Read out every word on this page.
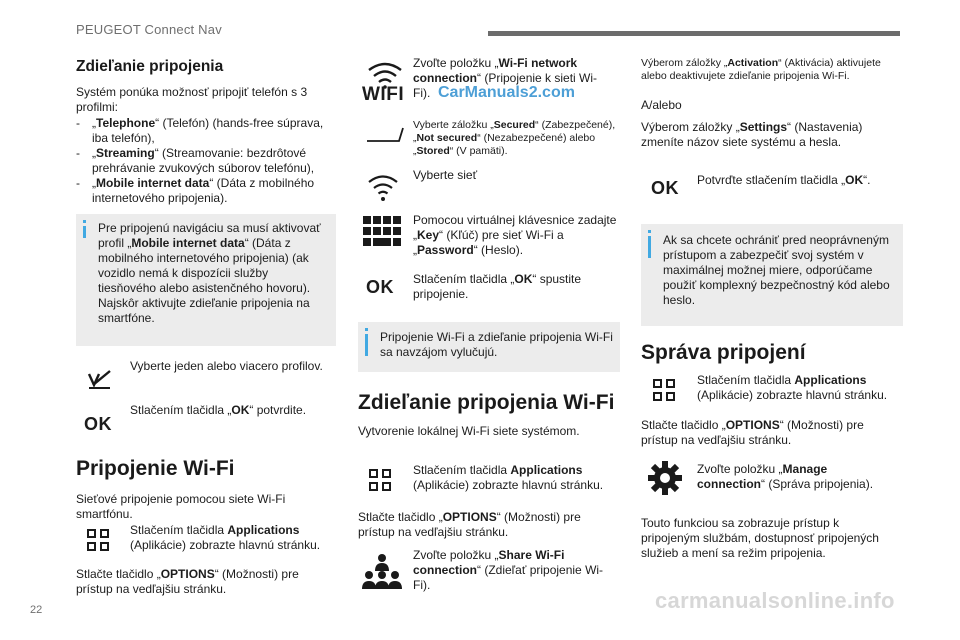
PEUGEOT Connect Nav
Zdieľanie pripojenia

Systém ponúka možnosť pripojiť telefón s 3 profilmi:

- „Telephone“ (Telefón) (hands-free súprava, iba telefón),
- „Streaming“ (Streamovanie: bezdrôtové prehrávanie zvukových súborov telefónu),
- „Mobile internet data“ (Dáta z mobilného internetového pripojenia).

Pre pripojenú navigáciu sa musí aktivovať profil „Mobile internet data“ (Dáta z mobilného internetového pripojenia) (ak vozidlo nemá k dispozícii služby tiesňového alebo asistenčného hovoru). Najskôr aktivujte zdieľanie pripojenia na smartfóne.

Vyberte jeden alebo viacero profilov.

OK

Stlačením tlačidla „OK“ potvrdite.

Pripojenie Wi-Fi

Sieťové pripojenie pomocou siete Wi-Fi smartfónu.

Stlačením tlačidla Applications (Aplikácie) zobrazte hlavnú stránku.

Stlačte tlačidlo „OPTIONS“ (Možnosti) pre prístup na vedľajšiu stránku.

WIFI

Zvoľte položku „Wi-Fi network connection“ (Pripojenie k sieti Wi-Fi). CarManuals2.com

Vyberte záložku „Secured“ (Zabezpečené), „Not secured“ (Nezabezpečené) alebo „Stored“ (V pamäti).

Vyberte sieť

Pomocou virtuálnej klávesnice zadajte „Key“ (Kľúč) pre sieť Wi-Fi a „Password“ (Heslo).

OK Stlačením tlačidla „OK“ spustite pripojenie.

Pripojenie Wi-Fi a zdieľanie pripojenia Wi-Fi sa navzájom vylučujú.

Zdieľanie pripojenia Wi-Fi

Vytvorenie lokálnej Wi-Fi siete systémom.

Stlačením tlačidla Applications (Aplikácie) zobrazte hlavnú stránku.

Stlačte tlačidlo „OPTIONS“ (Možnosti) pre prístup na vedľajšiu stránku.

Zvoľte položku „Share Wi-Fi connection“ (Zdieľať pripojenie Wi-Fi).

Výberom záložky „Activation“ (Aktivácia) aktivujete alebo deaktivujete zdieľanie pripojenia Wi-Fi.

A/alebo

Výberom záložky „Settings“ (Nastavenia) zmeníte názov siete systému a hesla.

OK Potvrďte stlačením tlačidla „OK“.

Ak sa chcete ochrániť pred neoprávneným prístupom a zabezpečiť svoj systém v maximálnej možnej miere, odporúčame použiť komplexný bezpečnostný kód alebo heslo.

Správa pripojení

Stlačením tlačidla Applications (Aplikácie) zobrazte hlavnú stránku.

Stlačte tlačidlo „OPTIONS“ (Možnosti) pre prístup na vedľajšiu stránku.

Zvoľte položku „Manage connection“ (Správa pripojenia).

Touto funkciou sa zobrazuje prístup k pripojeným službám, dostupnosť pripojených služieb a mení sa režim pripojenia.

22	carmanualsonline.info
